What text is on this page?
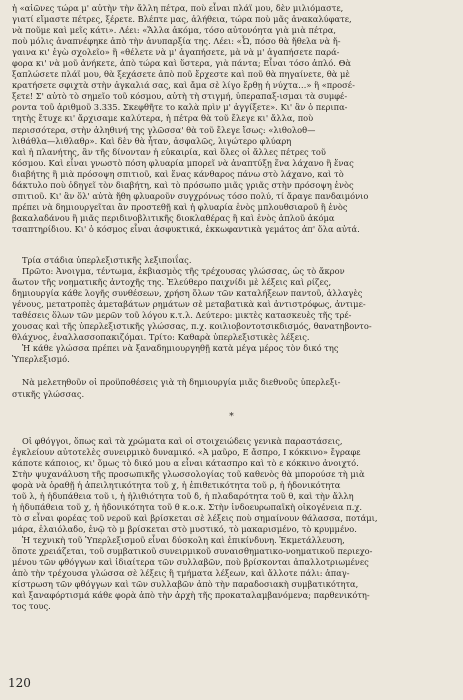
ἡ «αἰῶνες τώρα μ' αὐτὴν τὴν ἄλλη πέτρα, ποὺ εἶναι πλάϊ μου, δὲν μιλιόμαστε,

γιατί εἴμαστε πέτρες, ξέρετε. Βλέπτε μας, ἀλήθεια, τώρα ποὺ μᾶς ἀνακαλύφατε,

νὰ ποῦμε καὶ μεῖς κάτι». Λέει: «Ἄλλα ἀκόμα, τόσο αὐτονόητα γιὰ μιὰ πέτρα,

ποὺ μόλις ἀναπνέφηκε ἀπὸ τὴν ἀνυπαρξία της. Λέει: «Ὦ, πόσο θὰ ἤθελα νὰ ἤ-

γαινα κι' ἐγὼ σχολεῖο» ἢ «θέλετε νὰ μ' ἀγαπήσετε, μὰ νὰ μ' ἀγαπήσετε παρά-

φορα κι' νὰ μοῦ ἀνήκετε, ἀπὸ τώρα καὶ ὕστερα, γιὰ πάντα; Εἶναι τόσο ἁπλό. Θὰ

ξαπλώσετε πλάϊ μου, θὰ ξεχάσετε ἀπὸ ποῦ ἔρχεστε καὶ ποῦ θὰ πηγαίνετε, θὰ μὲ

κρατήσετε σφιχτὰ στὴν ἀγκαλιά σας, καὶ ἄμα σὲ λίγο ἔρθῃ ἡ νύχτα…» ἢ «προσέ-

ξετε! Σ' αὐτὸ τὸ σημεῖο τοῦ κόσμου, αὐτὴ τὴ στιγμή, ὑπεραπαξ-ισμαι τὰ συμφέ-

ροντα τοῦ ἀριθμοῦ 3.335. Σκεφθῆτε το καλὰ πρὶν μ' ἀγγίξετε». Κι' ἂν ὁ περιπα-

τητὴς ἔτυχε κι' ἄρχισαμε καλύτερα, ἡ πέτρα θὰ τοῦ ἔλεγε κι' ἄλλα, ποὺ

περισσότερα, στὴν ἀληθινή της γλῶσσα' θὰ τοῦ ἔλεγε ἴσως: «λιθολοθ—

λιθάθλα—λιθλαθρ». Καὶ δὲν θὰ ἦταν, ἀσφαλῶς, λιγώτερο φλύαρη

καὶ ἡ πλανήτης, ἂν τῆς δίνονταν ἡ εὐκαιρία, καὶ ὅλες οἱ ἄλλες πέτρες τοῦ

κόσμου. Καὶ εἶναι γνωστὸ πόση φλυαρία μπορεῖ νὰ ἀναπτύξῃ ἕνα λάχανο ἢ ἕνας

διαβήτης ἢ μιὰ πρόσοψη σπιτιοῦ, καὶ ἕνας κάνθαρος πάνω στὸ λάχανο, καὶ τὸ

δάκτυλο ποὺ ὁδηγεῖ τὸν διαβήτη, καὶ τὸ πρόσωπο μιᾶς γριᾶς στὴν πρόσοψη ἑνὸς

σπιτιοῦ. Κι' ἂν ὅλ' αὐτὰ ἤθη φλυαροῦν συγχρόνως τόσο πολύ, τί ἄραγε πανδαιμόνιο

πρέπει νὰ δημιουργεῖται ἂν προστεθῇ καὶ ἡ φλυαρία ἑνὸς μπλουθσιαροῦ ἢ ἑνὸς

βακαλαδάνου ἢ μιᾶς περιδινοβλιτικῆς διοκλαθέρας ἢ καὶ ἑνὸς ἁπλοῦ ἀκόμα

τσαπτηρίδιου. Κι' ὁ κόσμος εἶναι ἀσφυκτικά, ἐκκωφαντικὰ γεμάτος ἀπ' ὅλα αὐτά.

Τρία στάδια ὑπερλεξιστικῆς λεξιποιΐας.

Πρῶτο: Ἀνοιγμα, τέντωμα, ἐκβιασμὸς τῆς τρέχουσας γλώσσας, ὡς τὸ ἄκρον

ἄωτον τῆς νοηματικῆς ἀντοχῆς της. Ἐλεύθερο παιχνίδι μὲ λέξεις καὶ ρίζες,

δημιουργία κάθε λογῆς συνθέσεων, χρήση ὅλων τῶν καταλήξεων παντοῦ, ἀλλαγὲς

γένους, μετατροπὲς ἀμεταβάτων ρημάτων σὲ μεταβατικὰ καὶ ἀντιστρόφως, ἀντιμε-

ταθέσεις ὅλων τῶν μερῶν τοῦ λόγου κ.τ.λ. Δεύτερο: μικτὲς κατασκευὲς τῆς τρέ-

χουσας καὶ τῆς ὑπερλεξιστικῆς γλώσσας, π.χ. κοιλιοβοντοτσικδισμός, θανατηβοντο-

θλάχνος, ἐναλλασσοπακιζόμαι. Τρίτο: Καθαρὰ ὑπερλεξιστικὲς λέξεις.

Ἡ κάθε γλώσσα πρέπει νὰ ξαναδημιουργηθῇ κατὰ μέγα μέρος τὸν δικό της

Ὑπερλεξισμό.

Νὰ μελετηθοῦν οἱ προϋποθέσεις γιὰ τὴ δημιουργία μιᾶς διεθνοῦς ὑπερλεξι-

στικῆς γλώσσας.

*

Οἱ φθόγγοι, ὅπως καὶ τὰ χρώματα καὶ οἱ στοιχειώδεις γενικὰ παραστάσεις,

ἐγκλείουν αὐτοτελὲς συνειρμικὸ δυναμικό. «Ἀ μαῦρο, Ε ἄσπρο, Ι κόκκινο» ἔγραφε

κάποτε κάποιος, κι' ὅμως τὸ δικό μου α εἶναι κάτασπρο καὶ τὸ ε κόκκινο ἀνοιχτό.

Στὴν ψυχανάλυση τῆς προσωπικῆς γλωσσολογίας τοῦ καθενὸς θὰ μπορούσε τὴ μιὰ

φορὰ νὰ ὁραθῇ ἡ ἀπειλητικότητα τοῦ χ, ἡ ἐπιθετικότητα τοῦ ρ, ἡ ἡδονικότητα

τοῦ λ, ἡ ἡδυπάθεια τοῦ ι, ἡ ἠλιθιότητα τοῦ δ, ἡ πλαδαρότητα τοῦ θ, καὶ τὴν ἄλλη

ἡ ἡδυπάθεια τοῦ χ, ἡ ἡδονικότητα τοῦ θ κ.ο.κ. Στὴν ἰνδοευρωπαϊκὴ οἰκογένεια π.χ.

τὸ σ εἶναι φορέας τοῦ νεροῦ καὶ βρίσκεται σὲ λέξεις ποὺ σημαίνουν θάλασσα, ποτάμι,

μάρα, ἐλαιόλαδο, ἐνῷ τὸ μ βρίσκεται στὸ μυστικό, τὸ μακαρισμένο, τὸ κρυμμένο.

Ἡ τεχνικὴ τοῦ Ὑπερλεξισμοῦ εἶναι δύσκολη καὶ ἐπικίνδυνη. Ἐκμετάλλευση,

ὅποτε χρειάζεται, τοῦ συμβατικοῦ συνειρμικοῦ συναισθηματικο-νοηματικοῦ περιεχο-

μένου τῶν φθόγγων καὶ ἰδιαίτερα τῶν συλλαβῶν, ποὺ βρίσκονται ἀπαλλοτριωμένες

ἀπὸ τὴν τρέχουσα γλώσσα σὲ λέξεις ἢ τμήματα λέξεων, καὶ ἄλλοτε πάλι: ἀπαγ-

κίστρωση τῶν φθόγγων καὶ τῶν συλλαβῶν ἀπὸ τὴν παραδοσιακὴ συμβατικότητα,

καὶ ξαναφόρτισμά κάθε φορὰ ἀπὸ τὴν ἀρχὴ τῆς προκαταλαμβανόμενα; παρθενικότη-

τος τους.

120
